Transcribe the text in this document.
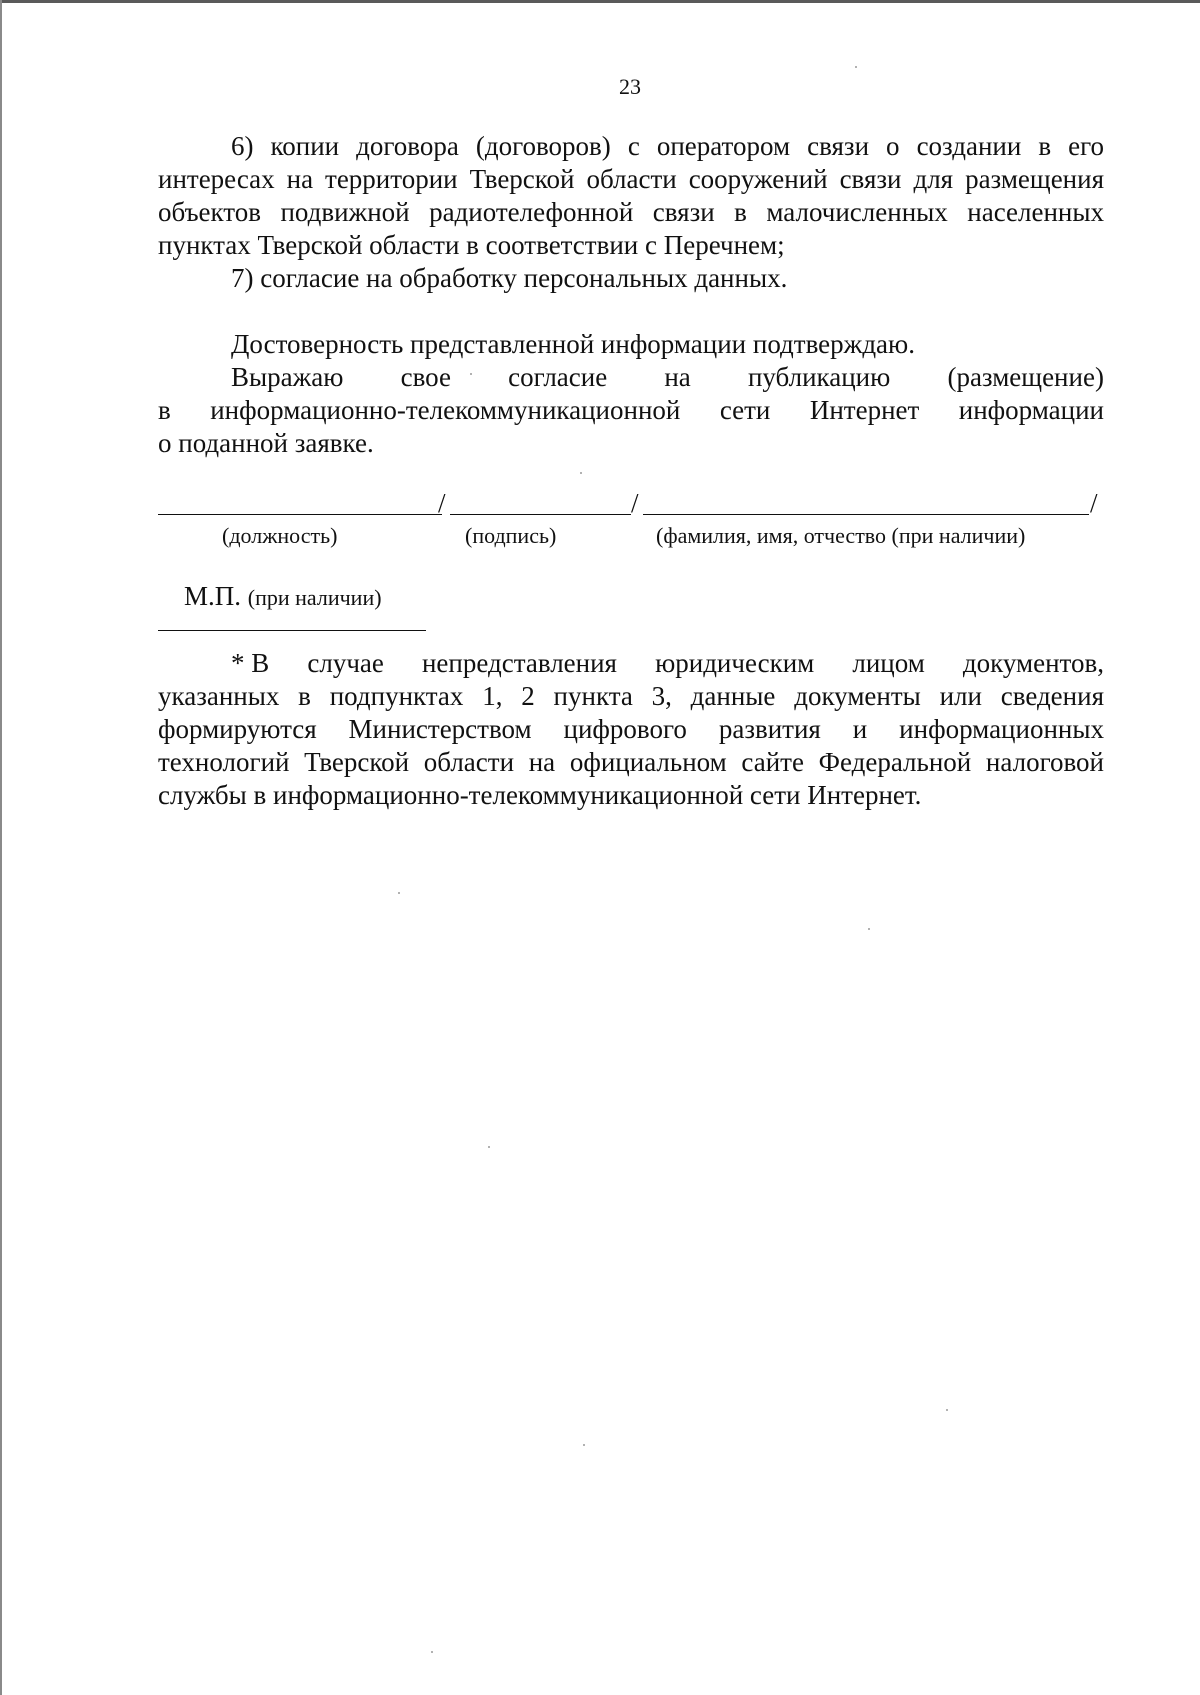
23
6) копии договора (договоров) с оператором связи о создании в его
интересах на территории Тверской области сооружений связи для размещения
объектов подвижной радиотелефонной связи в малочисленных населенных
пунктах Тверской области в соответствии с Перечнем;
7) согласие на обработку персональных данных.
Достоверность представленной информации подтверждаю.
Выражаю свое согласие на публикацию (размещение)
в информационно-телекоммуникационной сети Интернет информации
о поданной заявке.
/	/	/
(должность)	(подпись)	(фамилия, имя, отчество (при наличии)
М.П. (при наличии)
* В случае непредставления юридическим лицом документов,
указанных в подпунктах 1, 2 пункта 3, данные документы или сведения
формируются Министерством цифрового развития и информационных
технологий Тверской области на официальном сайте Федеральной налоговой
службы в информационно-телекоммуникационной сети Интернет.
